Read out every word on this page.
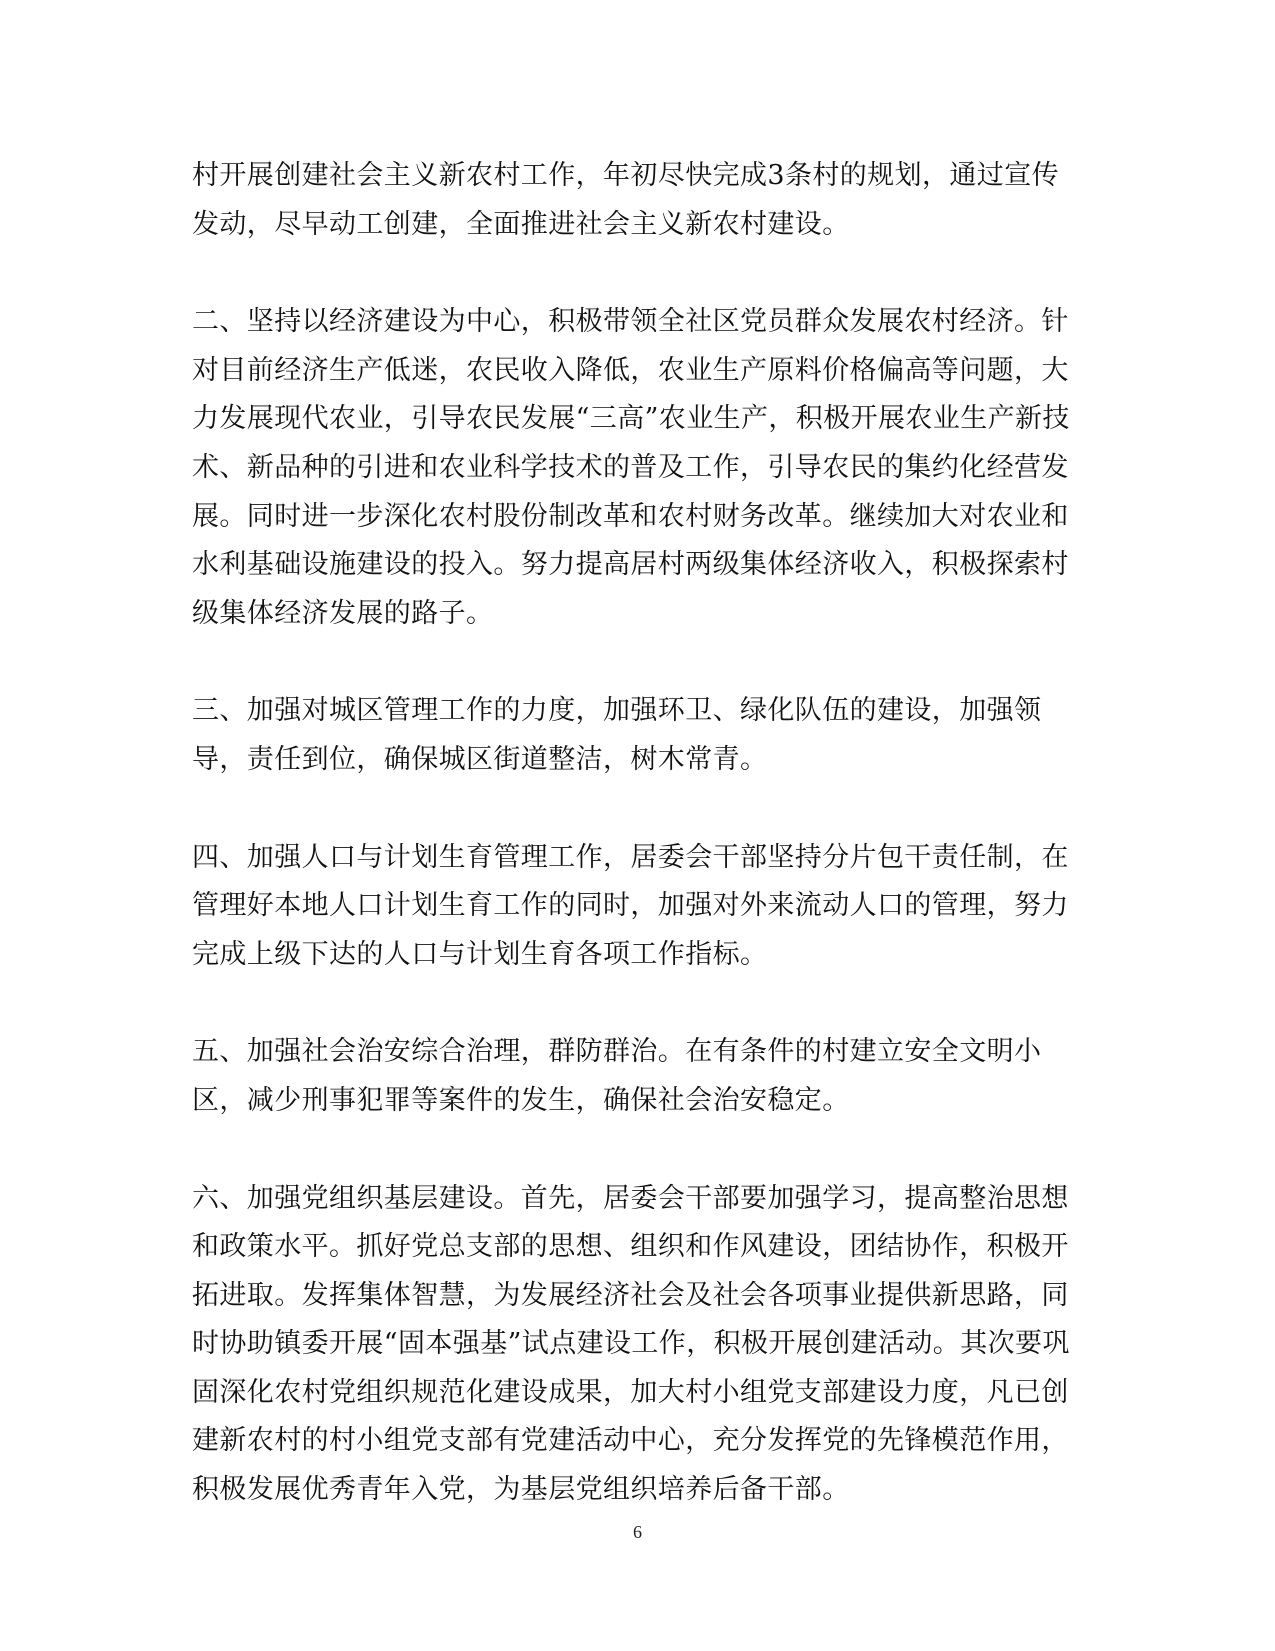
村开展创建社会主义新农村工作，年初尽快完成3条村的规划，通过宣传发动，尽早动工创建，全面推进社会主义新农村建设。

二、坚持以经济建设为中心，积极带领全社区党员群众发展农村经济。针对目前经济生产低迷，农民收入降低，农业生产原料价格偏高等问题，大力发展现代农业，引导农民发展“三高”农业生产，积极开展农业生产新技术、新品种的引进和农业科学技术的普及工作，引导农民的集约化经营发展。同时进一步深化农村股份制改革和农村财务改革。继续加大对农业和水利基础设施建设的投入。努力提高居村两级集体经济收入，积极探索村级集体经济发展的路子。

三、加强对城区管理工作的力度，加强环卫、绿化队伍的建设，加强领导，责任到位，确保城区街道整洁，树木常青。

四、加强人口与计划生育管理工作，居委会干部坚持分片包干责任制，在管理好本地人口计划生育工作的同时，加强对外来流动人口的管理，努力完成上级下达的人口与计划生育各项工作指标。

五、加强社会治安综合治理，群防群治。在有条件的村建立安全文明小区，减少刑事犯罪等案件的发生，确保社会治安稳定。

六、加强党组织基层建设。首先，居委会干部要加强学习，提高整治思想和政策水平。抓好党总支部的思想、组织和作风建设，团结协作，积极开拓进取。发挥集体智慧，为发展经济社会及社会各项事业提供新思路，同时协助镇委开展“固本强基”试点建设工作，积极开展创建活动。其次要巩固深化农村党组织规范化建设成果，加大村小组党支部建设力度，凡已创建新农村的村小组党支部有党建活动中心，充分发挥党的先锋模范作用，积极发展优秀青年入党，为基层党组织培养后备干部。

6
